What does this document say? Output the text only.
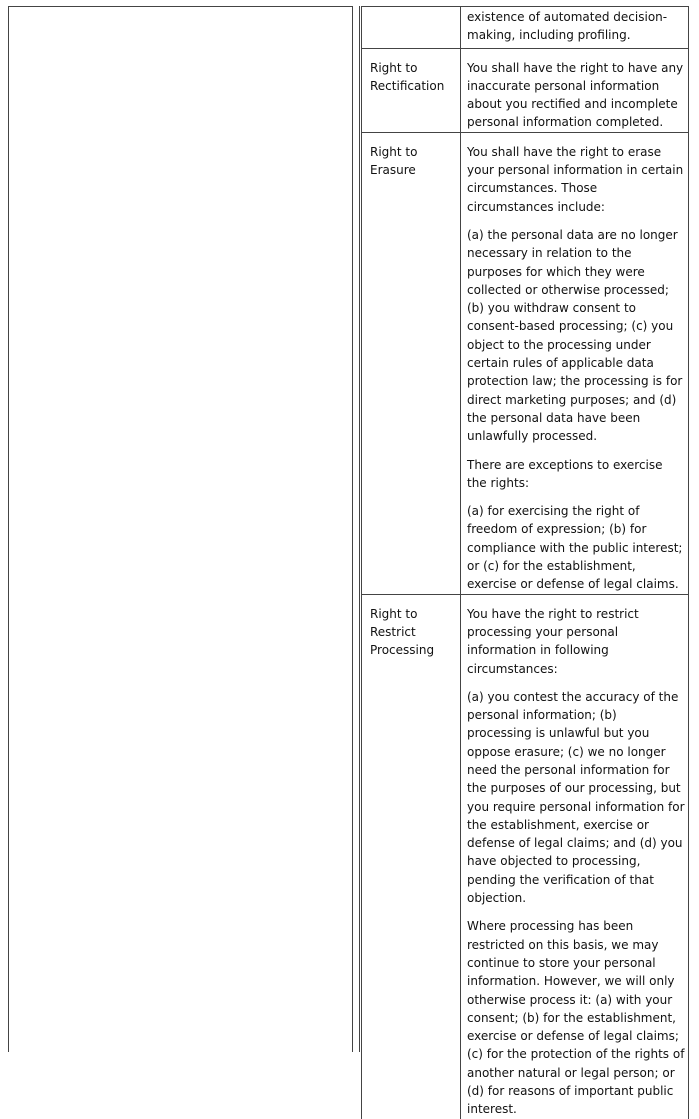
	existence of automated decision-making, including profiling.

Right to Rectification	You shall have the right to have any inaccurate personal information about you rectified and incomplete personal information completed.

Right to Erasure	You shall have the right to erase your personal information in certain circumstances. Those circumstances include:

(a) the personal data are no longer necessary in relation to the purposes for which they were collected or otherwise processed; (b) you withdraw consent to consent-based processing; (c) you object to the processing under certain rules of applicable data protection law; the processing is for direct marketing purposes; and (d) the personal data have been unlawfully processed.

There are exceptions to exercise the rights:

(a) for exercising the right of freedom of expression; (b) for compliance with the public interest; or (c) for the establishment, exercise or defense of legal claims.

Right to Restrict Processing	You have the right to restrict processing your personal information in following circumstances:

(a) you contest the accuracy of the personal information; (b) processing is unlawful but you oppose erasure; (c) we no longer need the personal information for the purposes of our processing, but you require personal information for the establishment, exercise or defense of legal claims; and (d) you have objected to processing, pending the verification of that objection.

Where processing has been restricted on this basis, we may continue to store your personal information. However, we will only otherwise process it: (a) with your consent; (b) for the establishment, exercise or defense of legal claims; (c) for the protection of the rights of another natural or legal person; or (d) for reasons of important public interest.
